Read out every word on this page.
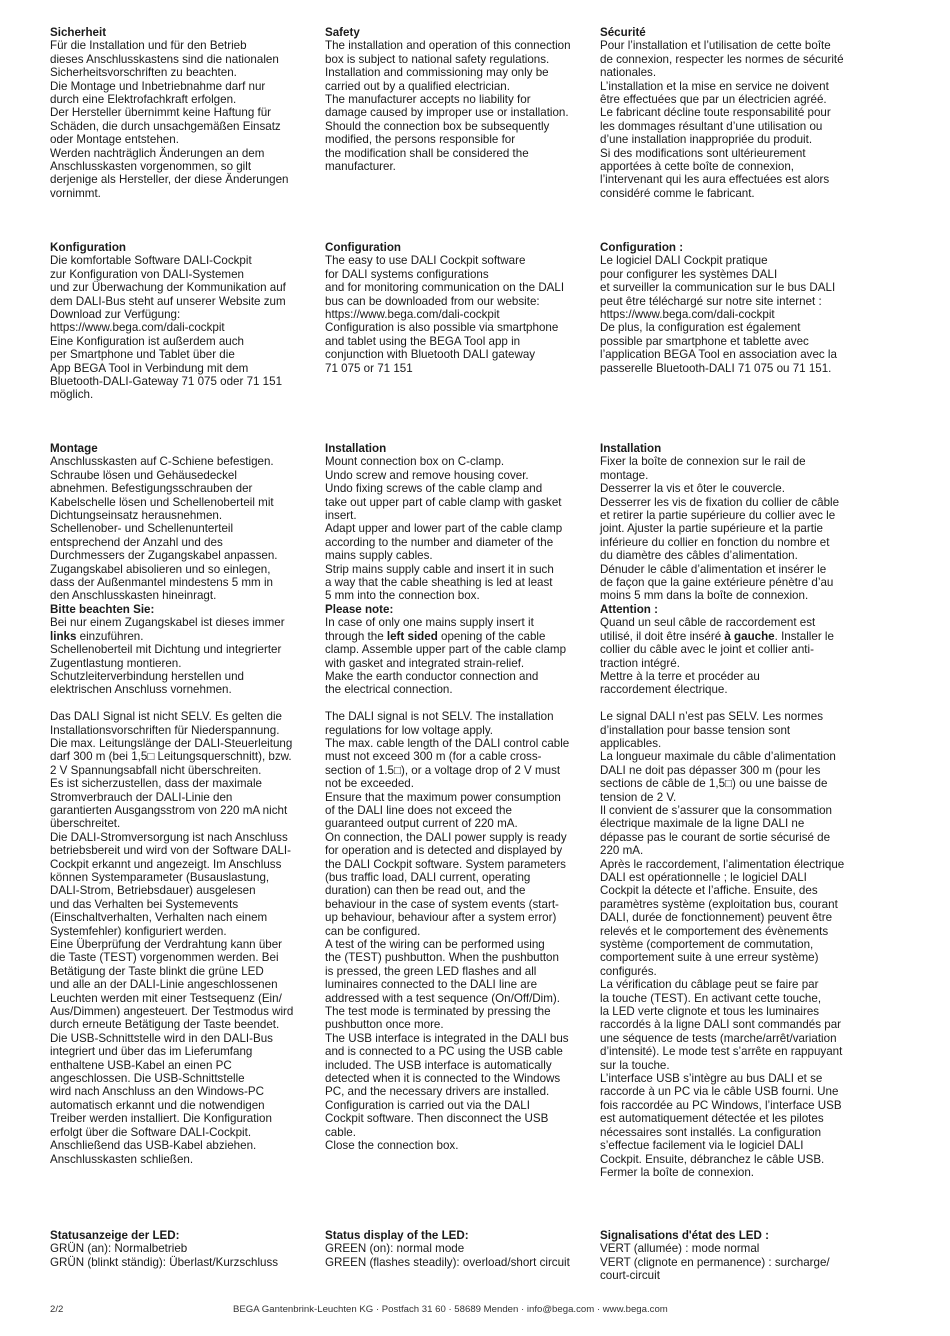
Sicherheit
Für die Installation und für den Betrieb
dieses Anschlusskastens sind die nationalen
Sicherheitsvorschriften zu beachten.
Die Montage und Inbetriebnahme darf nur
durch eine Elektrofachkraft erfolgen.
Der Hersteller übernimmt keine Haftung für
Schäden, die durch unsachgemäßen Einsatz
oder Montage entstehen.
Werden nachträglich Änderungen an dem
Anschlusskasten vorgenommen, so gilt
derjenige als Hersteller, der diese Änderungen
vornimmt.
Konfiguration
Die komfortable Software DALI-Cockpit
zur Konfiguration von DALI-Systemen
und zur Überwachung der Kommunikation auf
dem DALI-Bus steht auf unserer Website zum
Download zur Verfügung:
https://www.bega.com/dali-cockpit
Eine Konfiguration ist außerdem auch
per Smartphone und Tablet über die
App BEGA Tool in Verbindung mit dem
Bluetooth-DALI-Gateway 71 075 oder 71 151
möglich.
Montage
Anschlusskasten auf C-Schiene befestigen.
Schraube lösen und Gehäusedeckel
abnehmen. Befestigungsschrauben der
Kabelschelle lösen und Schellenoberteil mit
Dichtungseinsatz herausnehmen.
Schellenober- und Schellenunterteil
entsprechend der Anzahl und des
Durchmessers der Zugangskabel anpassen.
Zugangskabel abisolieren und so einlegen,
dass der Außenmantel mindestens 5 mm in
den Anschlusskasten hineinragt.
Bitte beachten Sie:
Bei nur einem Zugangskabel ist dieses immer
links einzuführen.
Schellenoberteil mit Dichtung und integrierter
Zugentlastung montieren.
Schutzleiterverbindung herstellen und
elektrischen Anschluss vornehmen.
Das DALI Signal ist nicht SELV. Es gelten die
Installationsvorschriften für Niederspannung.
Die max. Leitungslänge der DALI-Steuerleitung
darf 300 m (bei 1,5□ Leitungsquerschnitt), bzw.
2 V Spannungsabfall nicht überschreiten.
Es ist sicherzustellen, dass der maximale
Stromverbrauch der DALI-Linie den
garantierten Ausgangsstrom von 220 mA nicht
überschreitet.
Die DALI-Stromversorgung ist nach Anschluss
betriebsbereit und wird von der Software DALI-
Cockpit erkannt und angezeigt. Im Anschluss
können Systemparameter (Busauslastung,
DALI-Strom, Betriebsdauer) ausgelesen
und das Verhalten bei Systemevents
(Einschaltverhalten, Verhalten nach einem
Systemfehler) konfiguriert werden.
Eine Überprüfung der Verdrahtung kann über
die Taste (TEST) vorgenommen werden. Bei
Betätigung der Taste blinkt die grüne LED
und alle an der DALI-Linie angeschlossenen
Leuchten werden mit einer Testsequenz (Ein/
Aus/Dimmen) angesteuert. Der Testmodus wird
durch erneute Betätigung der Taste beendet.
Die USB-Schnittstelle wird in den DALI-Bus
integriert und über das im Lieferumfang
enthaltene USB-Kabel an einen PC
angeschlossen. Die USB-Schnittstelle
wird nach Anschluss an den Windows-PC
automatisch erkannt und die notwendigen
Treiber werden installiert. Die Konfiguration
erfolgt über die Software DALI-Cockpit.
Anschließend das USB-Kabel abziehen.
Anschlusskasten schließen.
Statusanzeige der LED:
GRÜN (an): Normalbetrieb
GRÜN (blinkt ständig): Überlast/Kurzschluss
Safety
The installation and operation of this connection
box is subject to national safety regulations.
Installation and commissioning may only be
carried out by a qualified electrician.
The manufacturer accepts no liability for
damage caused by improper use or installation.
Should the connection box be subsequently
modified, the persons responsible for
the modification shall be considered the
manufacturer.
Configuration
The easy to use DALI Cockpit software
for DALI systems configurations
and for monitoring communication on the DALI
bus can be downloaded from our website:
https://www.bega.com/dali-cockpit
Configuration is also possible via smartphone
and tablet using the BEGA Tool app in
conjunction with Bluetooth DALI gateway
71 075 or 71 151
Installation
Mount connection box on C-clamp.
Undo screw and remove housing cover.
Undo fixing screws of the cable clamp and
take out upper part of cable clamp with gasket
insert.
Adapt upper and lower part of the cable clamp
according to the number and diameter of the
mains supply cables.
Strip mains supply cable and insert it in such
a way that the cable sheathing is led at least
5 mm into the connection box.
Please note:
In case of only one mains supply insert it
through the left sided opening of the cable
clamp. Assemble upper part of the cable clamp
with gasket and integrated strain-relief.
Make the earth conductor connection and
the electrical connection.
The DALI signal is not SELV. The installation
regulations for low voltage apply.
The max. cable length of the DALI control cable
must not exceed 300 m (for a cable cross-
section of 1.5□), or a voltage drop of 2 V must
not be exceeded.
Ensure that the maximum power consumption
of the DALI line does not exceed the
guaranteed output current of 220 mA.
On connection, the DALI power supply is ready
for operation and is detected and displayed by
the DALI Cockpit software. System parameters
(bus traffic load, DALI current, operating
duration) can then be read out, and the
behaviour in the case of system events (start-
up behaviour, behaviour after a system error)
can be configured.
A test of the wiring can be performed using
the (TEST) pushbutton. When the pushbutton
is pressed, the green LED flashes and all
luminaires connected to the DALI line are
addressed with a test sequence (On/Off/Dim).
The test mode is terminated by pressing the
pushbutton once more.
The USB interface is integrated in the DALI bus
and is connected to a PC using the USB cable
included. The USB interface is automatically
detected when it is connected to the Windows
PC, and the necessary drivers are installed.
Configuration is carried out via the DALI
Cockpit software. Then disconnect the USB
cable.
Close the connection box.
Status display of the LED:
GREEN (on): normal mode
GREEN (flashes steadily): overload/short circuit
Sécurité
Pour l’installation et l’utilisation de cette boîte
de connexion, respecter les normes de sécurité
nationales.
L’installation et la mise en service ne doivent
être effectuées que par un électricien agréé.
Le fabricant décline toute responsabilité pour
les dommages résultant d’une utilisation ou
d’une installation inappropriée du produit.
Si des modifications sont ultérieurement
apportées à cette boîte de connexion,
l’intervenant qui les aura effectuées est alors
considéré comme le fabricant.
Configuration :
Le logiciel DALI Cockpit pratique
pour configurer les systèmes DALI
et surveiller la communication sur le bus DALI
peut être téléchargé sur notre site internet :
https://www.bega.com/dali-cockpit
De plus, la configuration est également
possible par smartphone et tablette avec
l’application BEGA Tool en association avec la
passerelle Bluetooth-DALI 71 075 ou 71 151.
Installation
Fixer la boîte de connexion sur le rail de
montage.
Desserrer la vis et ôter le couvercle.
Desserrer les vis de fixation du collier de câble
et retirer la partie supérieure du collier avec le
joint. Ajuster la partie supérieure et la partie
inférieure du collier en fonction du nombre et
du diamètre des câbles d’alimentation.
Dénuder le câble d’alimentation et insérer le
de façon que la gaine extérieure pénètre d’au
moins 5 mm dans la boîte de connexion.
Attention :
Quand un seul câble de raccordement est
utilisé, il doit être inséré à gauche. Installer le
collier du câble avec le joint et collier anti-
traction intégré.
Mettre à la terre et procéder au
raccordement électrique.
Le signal DALI n’est pas SELV. Les normes
d’installation pour basse tension sont
applicables.
La longueur maximale du câble d’alimentation
DALI ne doit pas dépasser 300 m (pour les
sections de câble de 1,5□) ou une baisse de
tension de 2 V.
Il convient de s’assurer que la consommation
électrique maximale de la ligne DALI ne
dépasse pas le courant de sortie sécurisé de
220 mA.
Après le raccordement, l’alimentation électrique
DALI est opérationnelle ; le logiciel DALI
Cockpit la détecte et l’affiche. Ensuite, des
paramètres système (exploitation bus, courant
DALI, durée de fonctionnement) peuvent être
relevés et le comportement des évènements
système (comportement de commutation,
comportement suite à une erreur système)
configurés.
La vérification du câblage peut se faire par
la touche (TEST). En activant cette touche,
la LED verte clignote et tous les luminaires
raccordés à la ligne DALI sont commandés par
une séquence de tests (marche/arrêt/variation
d’intensité). Le mode test s’arrête en rappuyant
sur la touche.
L’interface USB s’intègre au bus DALI et se
raccorde à un PC via le câble USB fourni. Une
fois raccordée au PC Windows, l’interface USB
est automatiquement détectée et les pilotes
nécessaires sont installés. La configuration
s’effectue facilement via le logiciel DALI
Cockpit. Ensuite, débranchez le câble USB.
Fermer la boîte de connexion.
Signalisations d'état des LED :
VERT (allumée) : mode normal
VERT (clignote en permanence) : surcharge/
court-circuit
2/2	BEGA Gantenbrink-Leuchten KG · Postfach 31 60 · 58689 Menden · info@bega.com · www.bega.com
